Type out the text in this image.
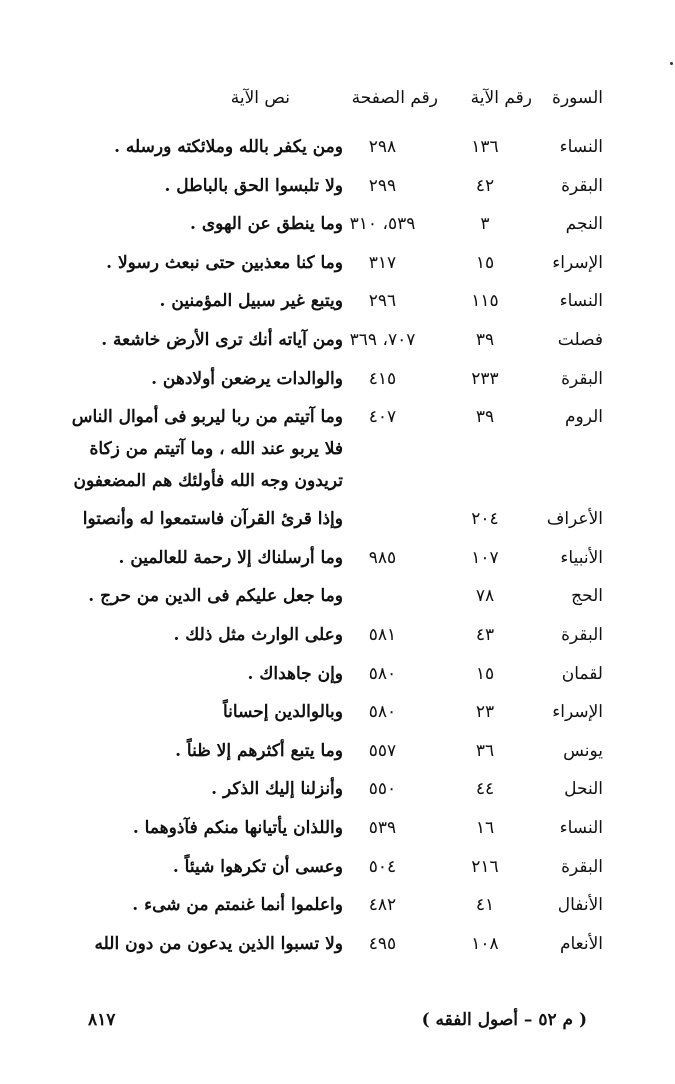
السورة
رقم الآية
رقم الصفحة
نص الآية
النساء
١٣٦
٢٩٨
ومن يكفر بالله وملائكته ورسله .
البقرة
٤٢
٢٩٩
ولا تلبسوا الحق بالباطل .
النجم
٣
٥٣٩، ٣١٠
وما ينطق عن الهوى .
الإسراء
١٥
٣١٧
وما كنا معذبين حتى نبعث رسولا .
النساء
١١٥
٢٩٦
ويتبع غير سبيل المؤمنين .
فصلت
٣٩
٧٠٧، ٣٦٩
ومن آياته أنك ترى الأرض خاشعة .
البقرة
٢٣٣
٤١٥
والوالدات يرضعن أولادهن .
الروم
٣٩
٤٠٧
وما آتيتم من ربا ليربو فى أموال الناس
فلا يربو عند الله ، وما آتيتم من زكاة
تريدون وجه الله فأولئك هم المضعفون
الأعراف
٢٠٤
وإذا قرئ القرآن فاستمعوا له وأنصتوا
الأنبياء
١٠٧
٩٨٥
وما أرسلناك إلا رحمة للعالمين .
الحج
٧٨
وما جعل عليكم فى الدين من حرج .
البقرة
٤٣
٥٨١
وعلى الوارث مثل ذلك .
لقمان
١٥
٥٨٠
وإن جاهداك .
الإسراء
٢٣
٥٨٠
وبالوالدين إحساناً
يونس
٣٦
٥٥٧
وما يتبع أكثرهم إلا ظناً .
النحل
٤٤
٥٥٠
وأنزلنا إليك الذكر .
النساء
١٦
٥٣٩
واللذان يأتيانها منكم فآذوهما .
البقرة
٢١٦
٥٠٤
وعسى أن تكرهوا شيئاً .
الأنفال
٤١
٤٨٢
واعلموا أنما غنمتم من شىء .
الأنعام
١٠٨
٤٩٥
ولا تسبوا الذين يدعون من دون الله
( م ٥٢ – أصول الفقه )
٨١٧
